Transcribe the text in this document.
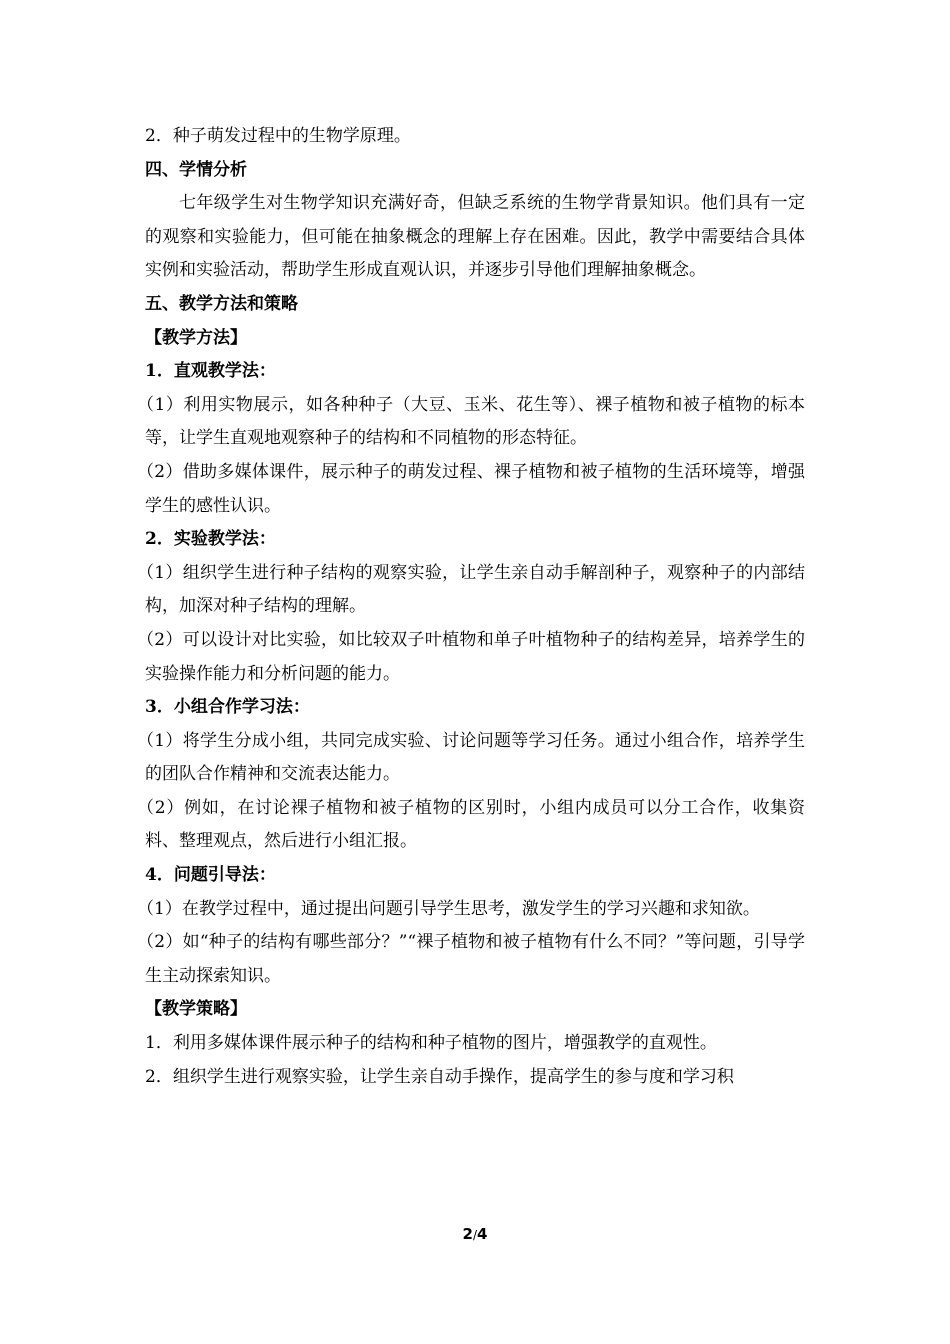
2．种子萌发过程中的生物学原理。

四、学情分析

七年级学生对生物学知识充满好奇，但缺乏系统的生物学背景知识。他们具有一定的观察和实验能力，但可能在抽象概念的理解上存在困难。因此，教学中需要结合具体实例和实验活动，帮助学生形成直观认识，并逐步引导他们理解抽象概念。

五、教学方法和策略

【教学方法】

1．直观教学法：

（1）利用实物展示，如各种种子（大豆、玉米、花生等）、裸子植物和被子植物的标本等，让学生直观地观察种子的结构和不同植物的形态特征。

（2）借助多媒体课件，展示种子的萌发过程、裸子植物和被子植物的生活环境等，增强学生的感性认识。

2．实验教学法：

（1）组织学生进行种子结构的观察实验，让学生亲自动手解剖种子，观察种子的内部结构，加深对种子结构的理解。

（2）可以设计对比实验，如比较双子叶植物和单子叶植物种子的结构差异，培养学生的实验操作能力和分析问题的能力。

3．小组合作学习法：

（1）将学生分成小组，共同完成实验、讨论问题等学习任务。通过小组合作，培养学生的团队合作精神和交流表达能力。

（2）例如，在讨论裸子植物和被子植物的区别时，小组内成员可以分工合作，收集资料、整理观点，然后进行小组汇报。

4．问题引导法：

（1）在教学过程中，通过提出问题引导学生思考，激发学生的学习兴趣和求知欲。

（2）如“种子的结构有哪些部分？”“裸子植物和被子植物有什么不同？”等问题，引导学生主动探索知识。

【教学策略】

1．利用多媒体课件展示种子的结构和种子植物的图片，增强教学的直观性。

2．组织学生进行观察实验，让学生亲自动手操作，提高学生的参与度和学习积

2/4
